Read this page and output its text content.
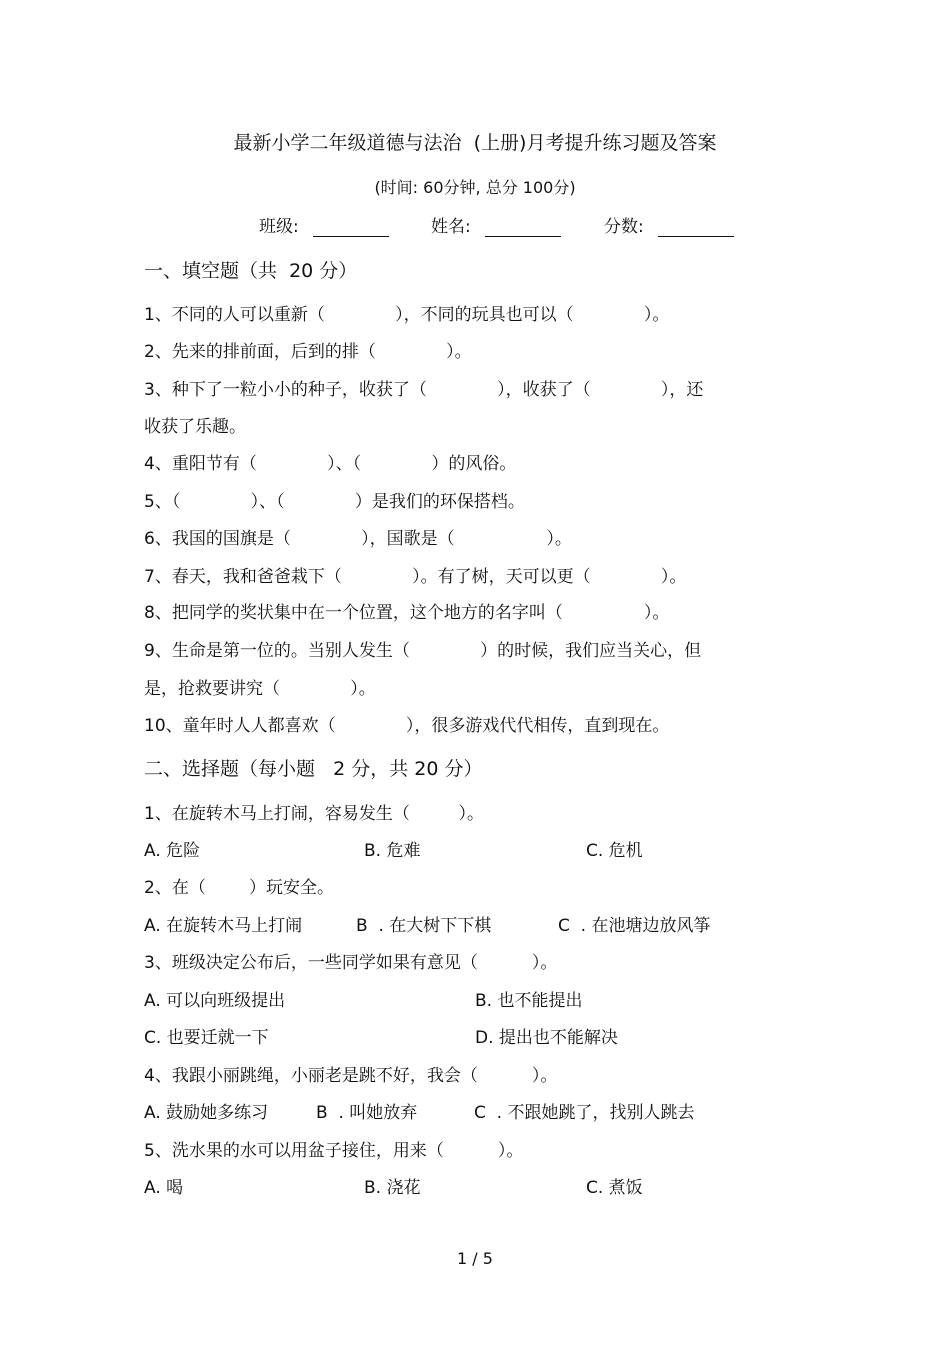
最新小学二年级道德与法治  (上册)月考提升练习题及答案
(时间: 60分钟, 总分 100分)
班级:	姓名:	分数:
一、填空题（共  20 分）
1、不同的人可以重新（             ），不同的玩具也可以（             ）。
2、先来的排前面，后到的排（             ）。
3、种下了一粒小小的种子，收获了（             ），收获了（             ），还
收获了乐趣。
4、重阳节有（             ）、（             ）的风俗。
5、（             ）、（             ）是我们的环保搭档。
6、我国的国旗是（             ），国歌是（                 ）。
7、春天，我和爸爸栽下（             ）。有了树，天可以更（             ）。
8、把同学的奖状集中在一个位置，这个地方的名字叫（               ）。
9、生命是第一位的。当别人发生（             ）的时候，我们应当关心，但
是，抢救要讲究（             ）。
10、童年时人人都喜欢（             ），很多游戏代代相传，直到现在。
二、选择题（每小题   2 分，共 20 分）
1、在旋转木马上打闹，容易发生（         ）。
A. 危险	B. 危难	C. 危机
2、在（        ）玩安全。
A. 在旋转木马上打闹	B  . 在大树下下棋	C  . 在池塘边放风筝
3、班级决定公布后，一些同学如果有意见（          ）。
A. 可以向班级提出	B. 也不能提出
C. 也要迁就一下	D. 提出也不能解决
4、我跟小丽跳绳，小丽老是跳不好，我会（          ）。
A. 鼓励她多练习	B  . 叫她放弃	C  . 不跟她跳了，找别人跳去
5、洗水果的水可以用盆子接住，用来（          ）。
A. 喝	B. 浇花	C. 煮饭
1 / 5
